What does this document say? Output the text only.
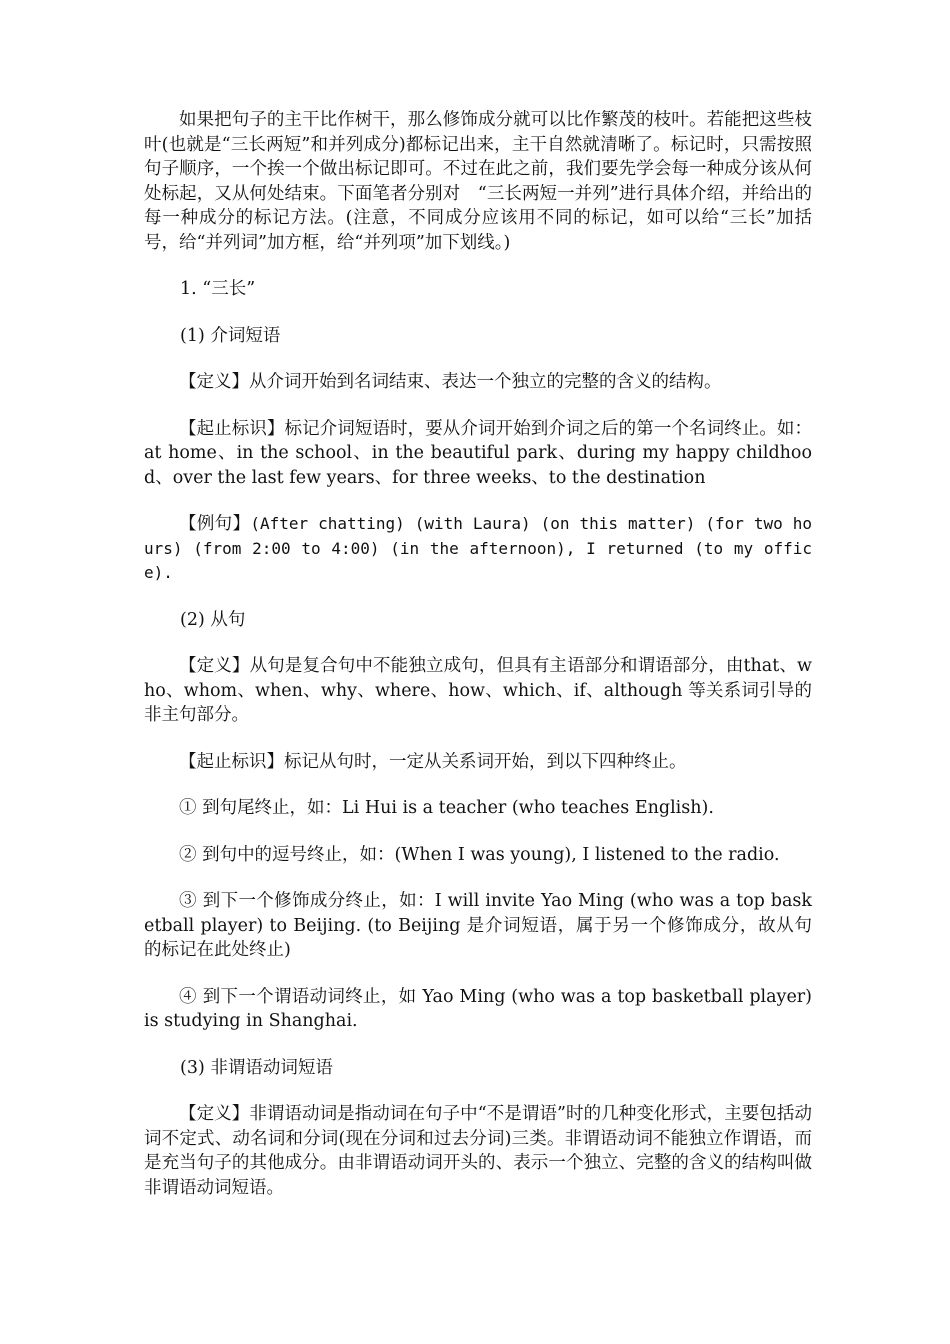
如果把句子的主干比作树干，那么修饰成分就可以比作繁茂的枝叶。若能把这些枝叶(也就是“三长两短”和并列成分)都标记出来，主干自然就清晰了。标记时，只需按照句子顺序，一个挨一个做出标记即可。不过在此之前，我们要先学会每一种成分该从何处标起，又从何处结束。下面笔者分别对　“三长两短一并列”进行具体介绍，并给出的每一种成分的标记方法。(注意，不同成分应该用不同的标记，如可以给“三长”加括号，给“并列词”加方框，给“并列项”加下划线。)

1. “三长”

(1) 介词短语

【定义】从介词开始到名词结束、表达一个独立的完整的含义的结构。

【起止标识】标记介词短语时，要从介词开始到介词之后的第一个名词终止。如：at home、in the school、in the beautiful park、during my happy childhood、over the last few years、for three weeks、to the destination

【例句】(After chatting) (with Laura) (on this matter) (for two hours) (from 2:00 to 4:00) (in the afternoon), I returned (to my office).

(2) 从句

【定义】从句是复合句中不能独立成句，但具有主语部分和谓语部分，由that、who、whom、when、why、where、how、which、if、although 等关系词引导的非主句部分。

【起止标识】标记从句时，一定从关系词开始，到以下四种终止。

① 到句尾终止，如：Li Hui is a teacher (who teaches English).

② 到句中的逗号终止，如：(When I was young), I listened to the radio.

③ 到下一个修饰成分终止，如：I will invite Yao Ming (who was a top basketball player) to Beijing. (to Beijing 是介词短语，属于另一个修饰成分，故从句的标记在此处终止)

④ 到下一个谓语动词终止，如 Yao Ming (who was a top basketball player) is studying in Shanghai.

(3) 非谓语动词短语

【定义】非谓语动词是指动词在句子中“不是谓语”时的几种变化形式，主要包括动词不定式、动名词和分词(现在分词和过去分词)三类。非谓语动词不能独立作谓语，而是充当句子的其他成分。由非谓语动词开头的、表示一个独立、完整的含义的结构叫做非谓语动词短语。
